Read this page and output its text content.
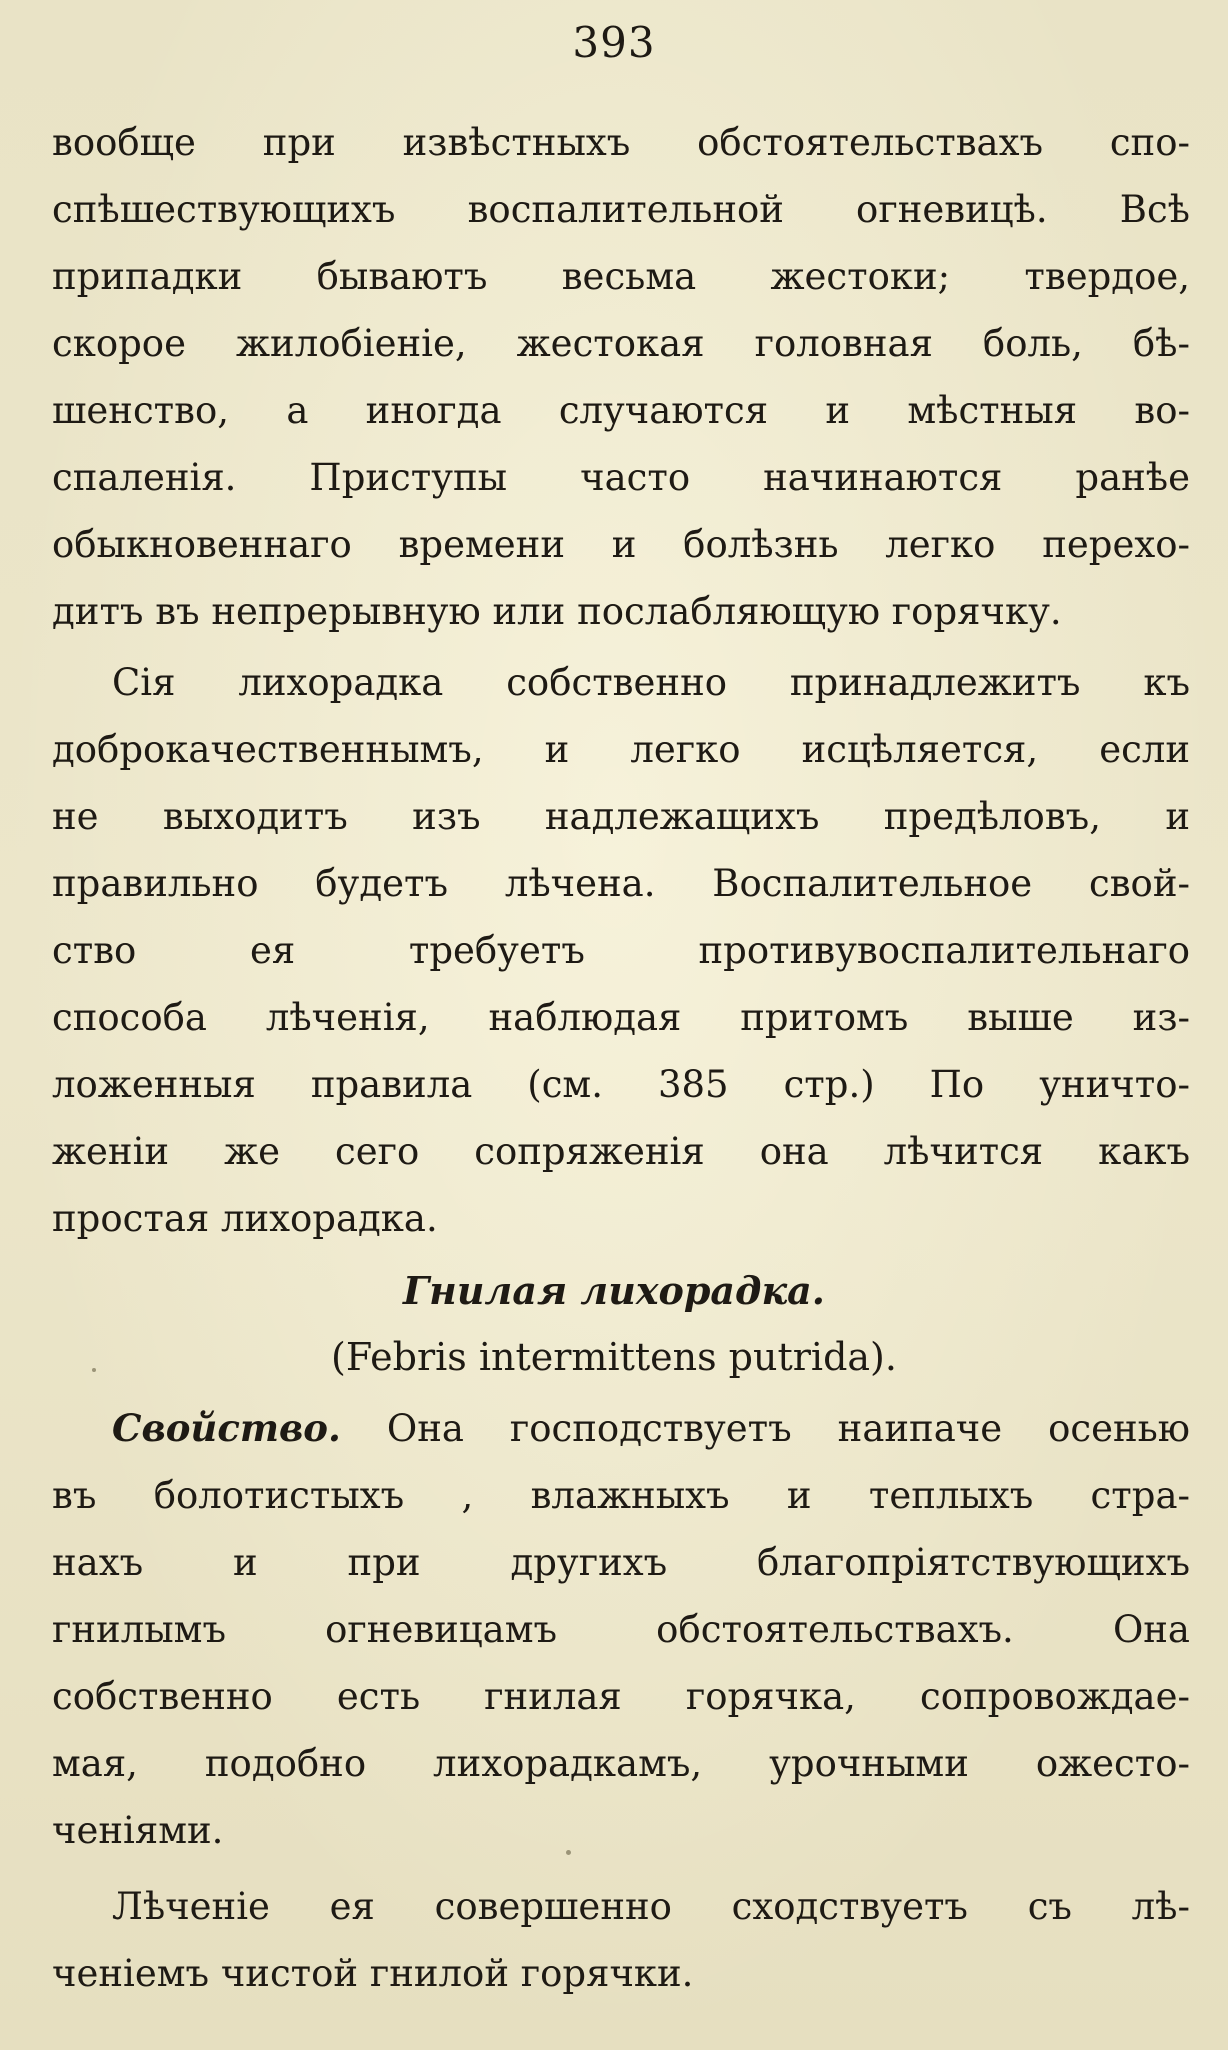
393
вообще при извѣстныхъ обстоятельствахъ спо-
спѣшествующихъ воспалительной огневицѣ. Всѣ
припадки бываютъ весьма жестоки; твердое,
скорое жилобіеніе, жестокая головная боль, бѣ-
шенство, а иногда случаются и мѣстныя во-
спаленія. Приступы часто начинаются ранѣе
обыкновеннаго времени и болѣзнь легко перехо-
дитъ въ непрерывную или послабляющую горячку.
Сія лихорадка собственно принадлежитъ къ
доброкачественнымъ, и легко исцѣляется, если
не выходитъ изъ надлежащихъ предѣловъ, и
правильно будетъ лѣчена. Воспалительное свой-
ство ея требуетъ противувоспалительнаго
способа лѣченія, наблюдая притомъ выше из-
ложенныя правила (см. 385 стр.) По уничто-
женіи же сего сопряженія она лѣчится какъ
простая лихорадка.
Гнилая лихорадка.
(Febris intermittens putrida).
Свойство. Она господствуетъ наипаче осенью
въ болотистыхъ , влажныхъ и теплыхъ стра-
нахъ и при другихъ благопріятствующихъ
гнилымъ огневицамъ обстоятельствахъ. Она
собственно есть гнилая горячка, сопровождае-
мая, подобно лихорадкамъ, урочными ожесто-
ченіями.
Лѣченіе ея совершенно сходствуетъ съ лѣ-
ченіемъ чистой гнилой горячки.
